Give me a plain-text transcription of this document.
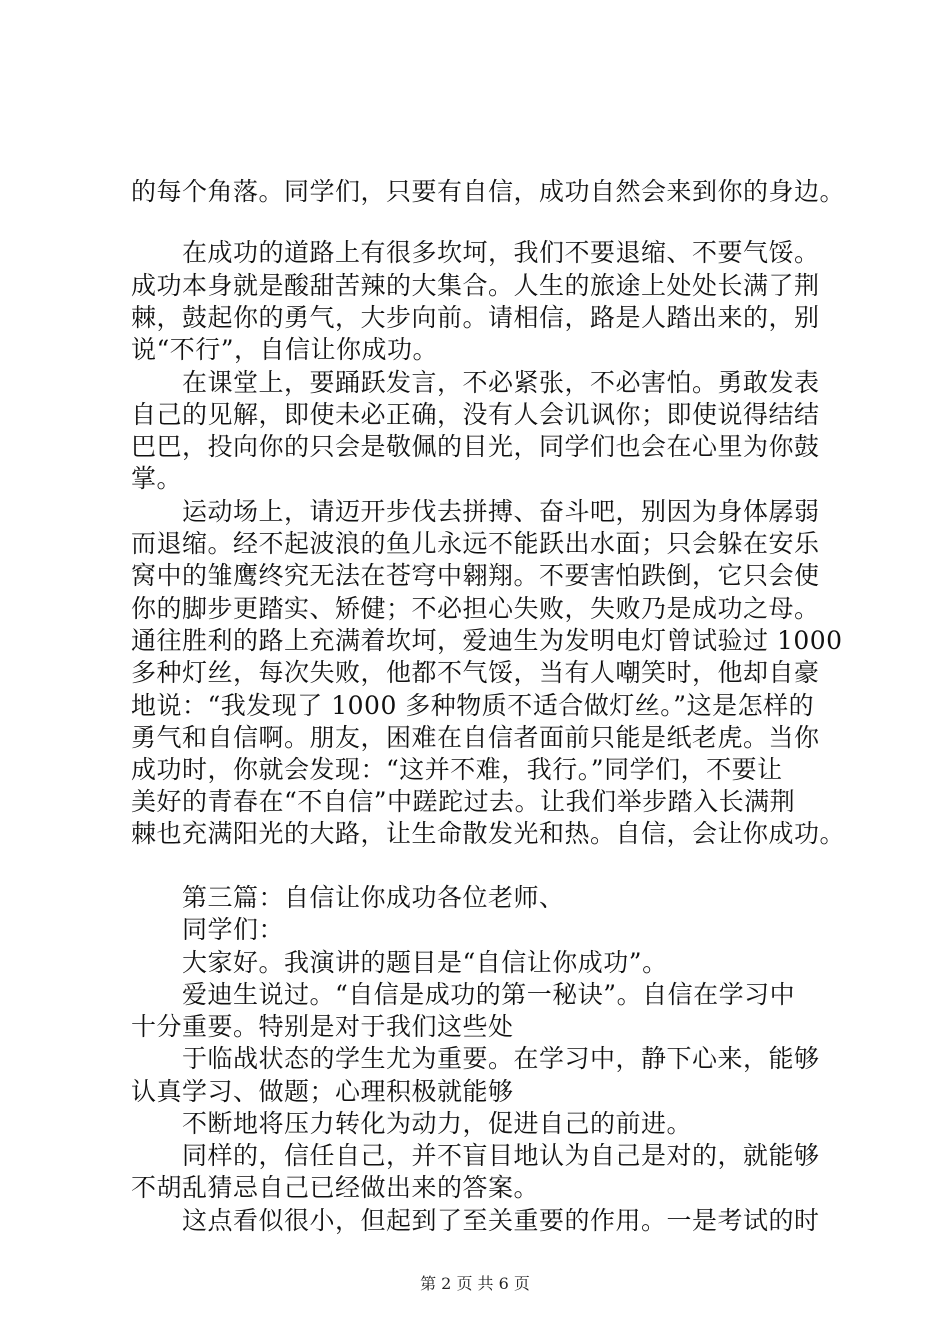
的每个角落。同学们，只要有自信，成功自然会来到你的身边。
在成功的道路上有很多坎坷，我们不要退缩、不要气馁。
成功本身就是酸甜苦辣的大集合。人生的旅途上处处长满了荆
棘，鼓起你的勇气，大步向前。请相信，路是人踏出来的，别
说“不行”，自信让你成功。
在课堂上，要踊跃发言，不必紧张，不必害怕。勇敢发表
自己的见解，即使未必正确，没有人会讥讽你；即使说得结结
巴巴，投向你的只会是敬佩的目光，同学们也会在心里为你鼓
掌。
运动场上，请迈开步伐去拼搏、奋斗吧，别因为身体孱弱
而退缩。经不起波浪的鱼儿永远不能跃出水面；只会躲在安乐
窝中的雏鹰终究无法在苍穹中翱翔。不要害怕跌倒，它只会使
你的脚步更踏实、矫健；不必担心失败，失败乃是成功之母。
通往胜利的路上充满着坎坷，爱迪生为发明电灯曾试验过 1000
多种灯丝，每次失败，他都不气馁，当有人嘲笑时，他却自豪
地说：“我发现了 1000 多种物质不适合做灯丝。”这是怎样的
勇气和自信啊。朋友，困难在自信者面前只能是纸老虎。当你
成功时，你就会发现：“这并不难，我行。”同学们，不要让
美好的青春在“不自信”中蹉跎过去。让我们举步踏入长满荆
棘也充满阳光的大路，让生命散发光和热。自信，会让你成功。
第三篇：自信让你成功各位老师、
同学们：
大家好。我演讲的题目是“自信让你成功”。
爱迪生说过。“自信是成功的第一秘诀”。自信在学习中
十分重要。特别是对于我们这些处
于临战状态的学生尤为重要。在学习中，静下心来，能够
认真学习、做题；心理积极就能够
不断地将压力转化为动力，促进自己的前进。
同样的，信任自己，并不盲目地认为自己是对的，就能够
不胡乱猜忌自己已经做出来的答案。
这点看似很小，但起到了至关重要的作用。一是考试的时
第 2 页 共 6 页
